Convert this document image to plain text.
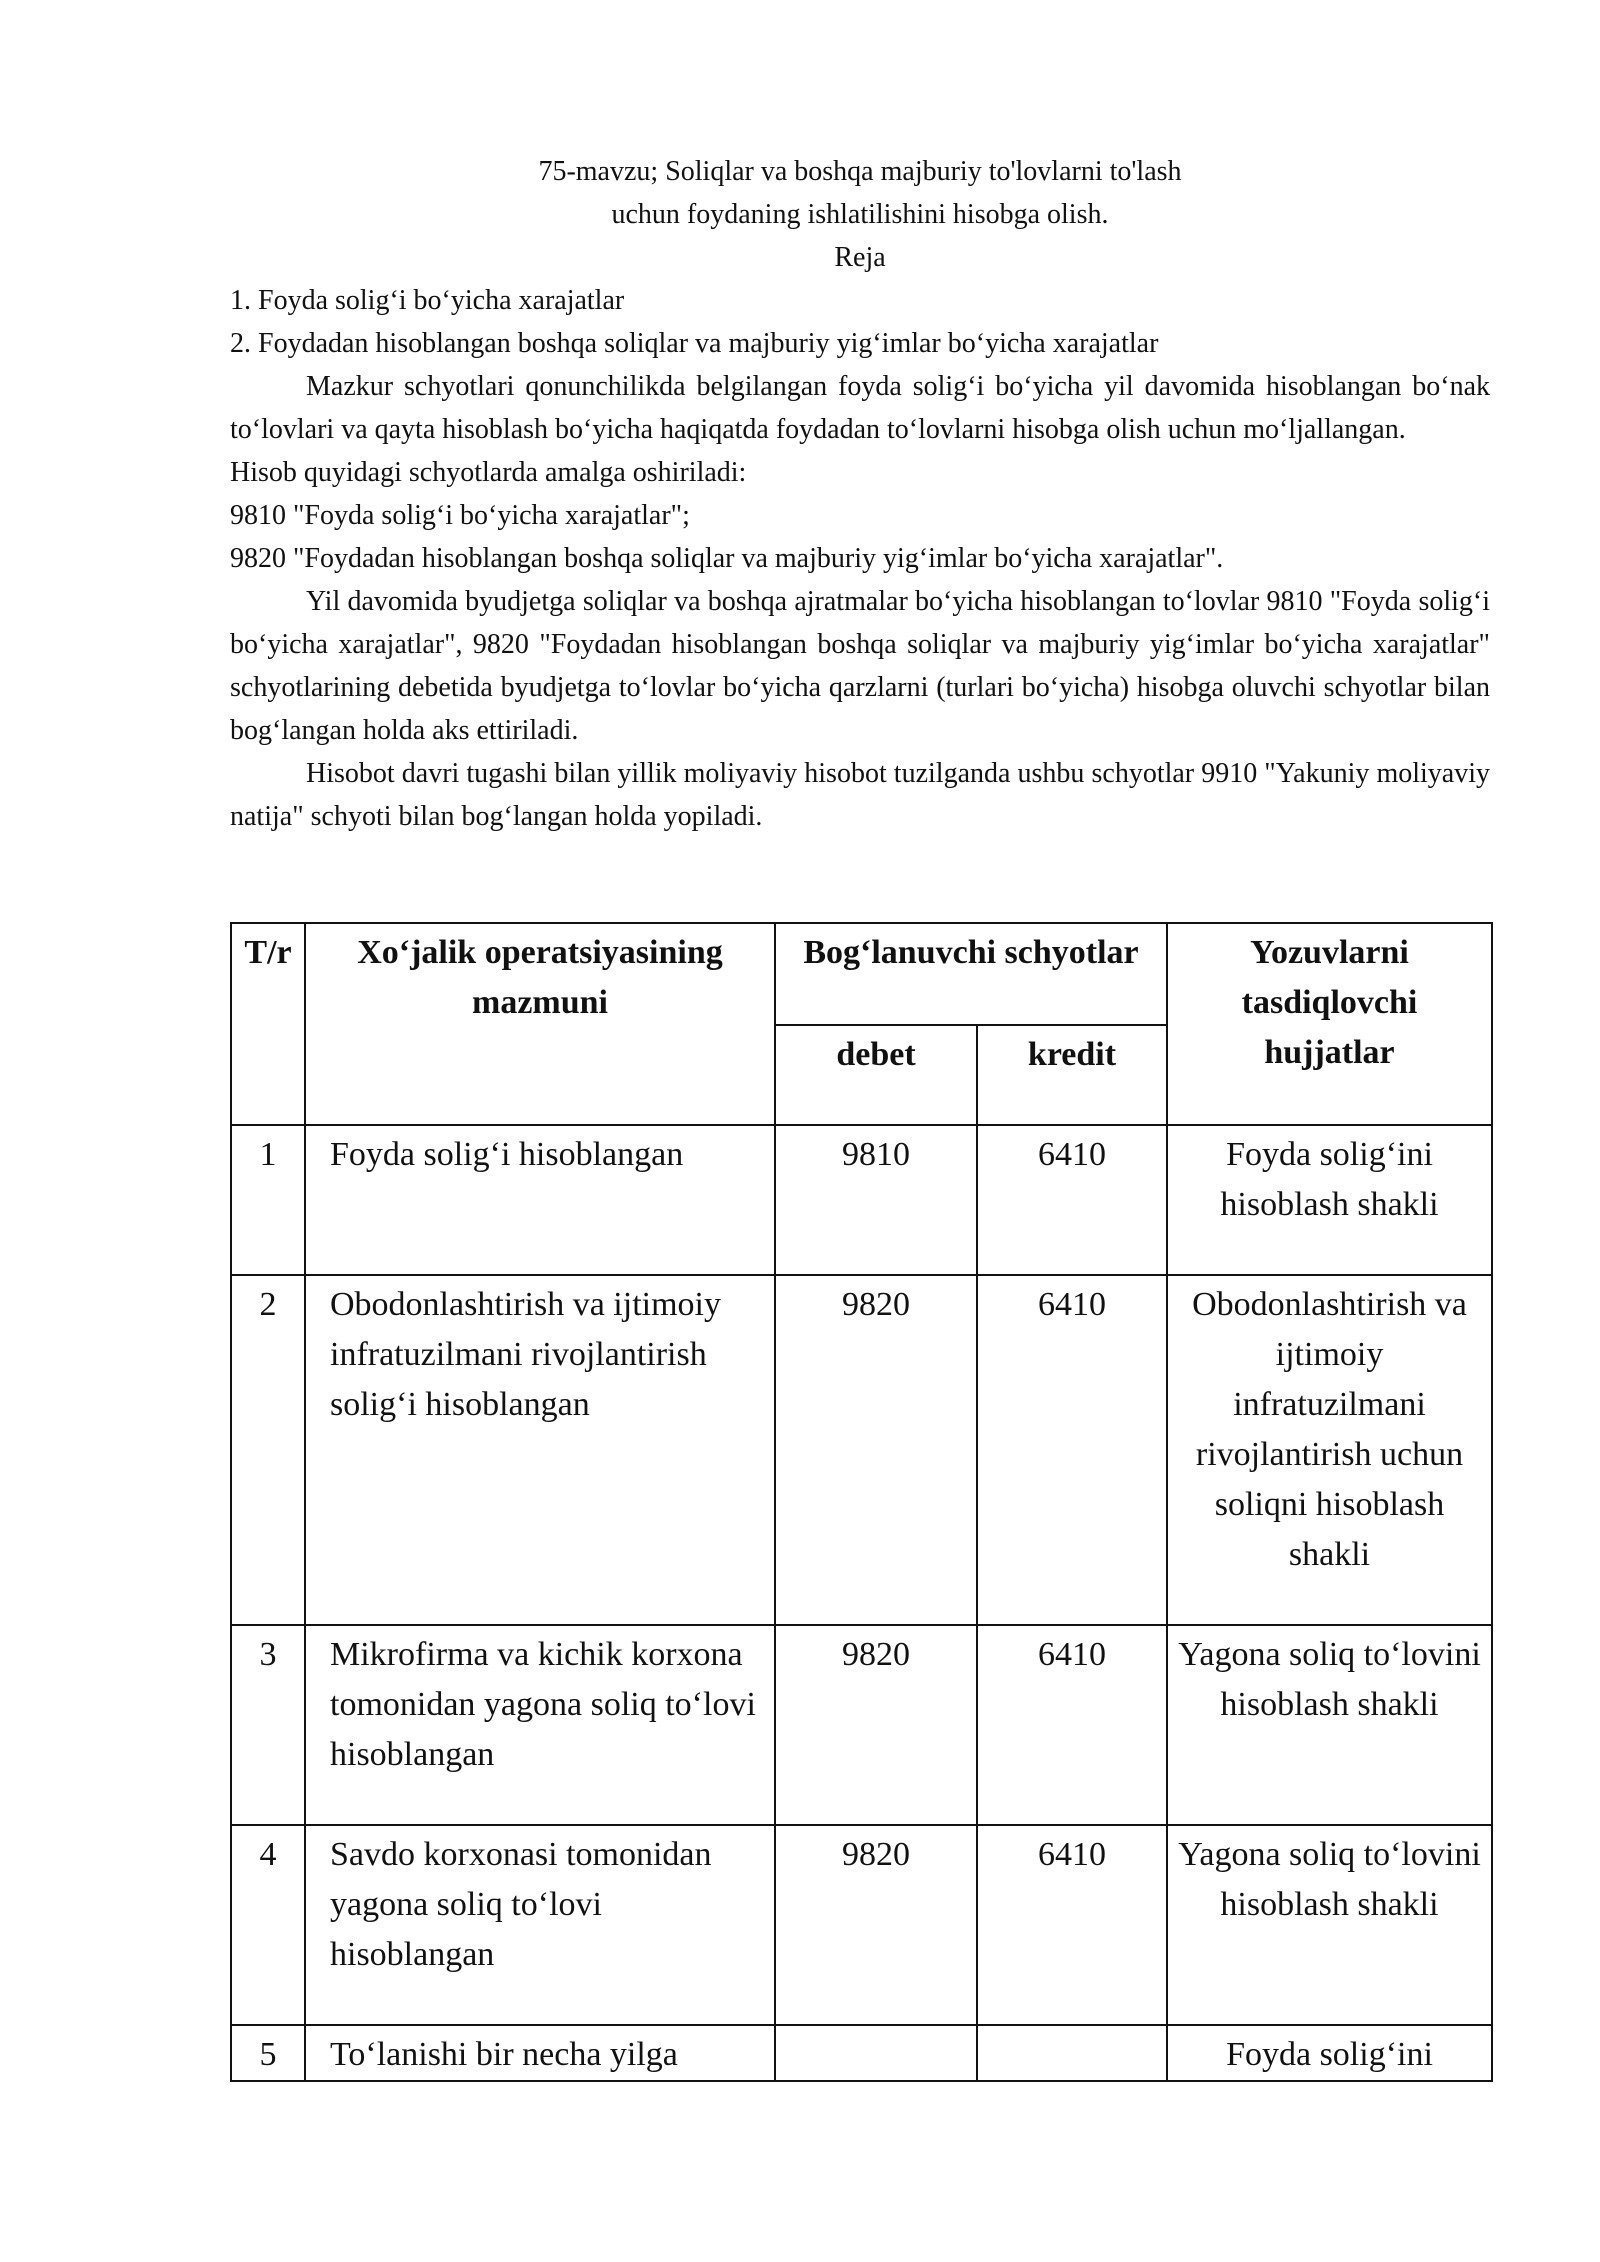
75-mavzu; Soliqlar va boshqa majburiy to'lovlarni to'lash
uchun foydaning ishlatilishini hisobga olish.
Reja
1. Foyda solig‘i bo‘yicha xarajatlar
2. Foydadan hisoblangan boshqa soliqlar va majburiy yig‘imlar bo‘yicha xarajatlar

Mazkur schyotlari qonunchilikda belgilangan foyda solig‘i bo‘yicha yil davomida hisoblangan bo‘nak to‘lovlari va qayta hisoblash bo‘yicha haqiqatda foydadan to‘lovlarni hisobga olish uchun mo‘ljallangan.

Hisob quyidagi schyotlarda amalga oshiriladi:
9810 "Foyda solig‘i bo‘yicha xarajatlar";
9820 "Foydadan hisoblangan boshqa soliqlar va majburiy yig‘imlar bo‘yicha xarajatlar".

Yil davomida byudjetga soliqlar va boshqa ajratmalar bo‘yicha hisoblangan to‘lovlar 9810 "Foyda solig‘i bo‘yicha xarajatlar", 9820 "Foydadan hisoblangan boshqa soliqlar va majburiy yig‘imlar bo‘yicha xarajatlar" schyotlarining debetida byudjetga to‘lovlar bo‘yicha qarzlarni (turlari bo‘yicha) hisobga oluvchi schyotlar bilan bog‘langan holda aks ettiriladi.

Hisobot davri tugashi bilan yillik moliyaviy hisobot tuzilganda ushbu schyotlar 9910 "Yakuniy moliyaviy natija" schyoti bilan bog‘langan holda yopiladi.

T/r	Xo‘jalik operatsiyasining mazmuni	Bog‘lanuvchi schyotlar		Yozuvlarni tasdiqlovchi hujjatlar
		debet	kredit	
1	Foyda solig‘i hisoblangan	9810	6410	Foyda solig‘ini hisoblash shakli
2	Obodonlashtirish va ijtimoiy infratuzilmani rivojlantirish solig‘i hisoblangan	9820	6410	Obodonlashtirish va ijtimoiy infratuzilmani rivojlantirish uchun soliqni hisoblash shakli
3	Mikrofirma va kichik korxona tomonidan yagona soliq to‘lovi hisoblangan	9820	6410	Yagona soliq to‘lovini hisoblash shakli
4	Savdo korxonasi tomonidan yagona soliq to‘lovi hisoblangan	9820	6410	Yagona soliq to‘lovini hisoblash shakli
5	To‘lanishi bir necha yilga			Foyda solig‘ini
